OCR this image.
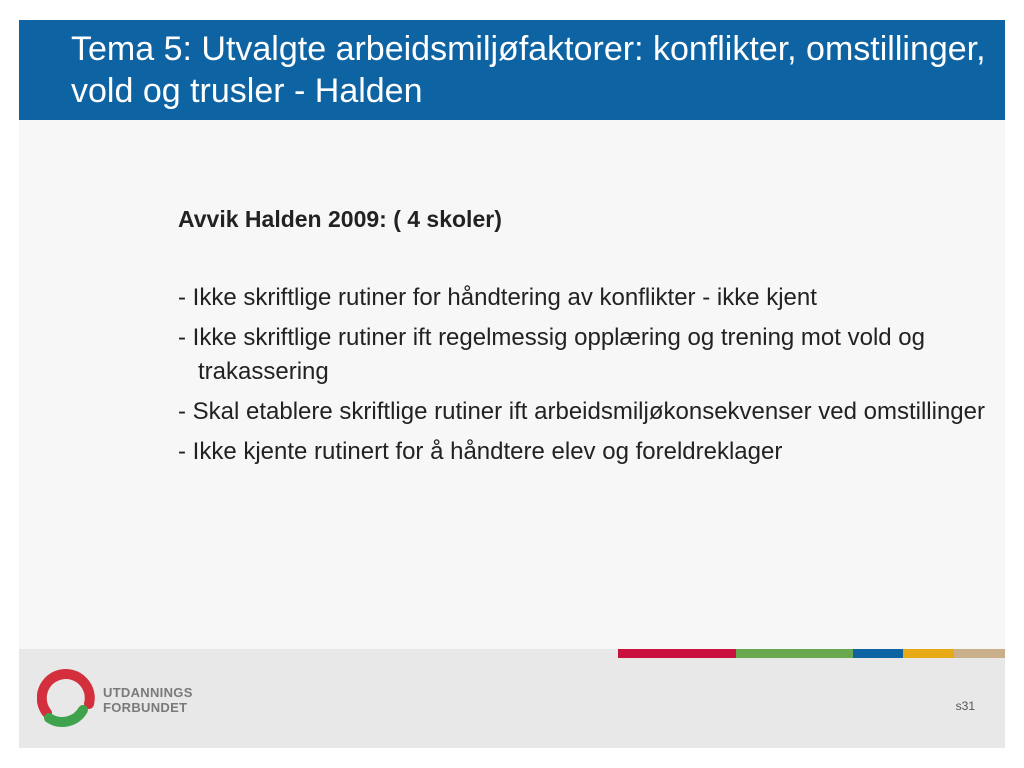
Tema 5: Utvalgte arbeidsmiljøfaktorer: konflikter, omstillinger, vold og trusler - Halden

Avvik Halden 2009: ( 4 skoler)

- Ikke skriftlige rutiner for håndtering av konflikter - ikke kjent
- Ikke skriftlige rutiner ift regelmessig opplæring og trening mot vold og trakassering
- Skal etablere skriftlige rutiner ift arbeidsmiljøkonsekvenser ved omstillinger
- Ikke kjente rutinert for å håndtere elev og foreldreklager
UTDANNINGS
FORBUNDET	s31
